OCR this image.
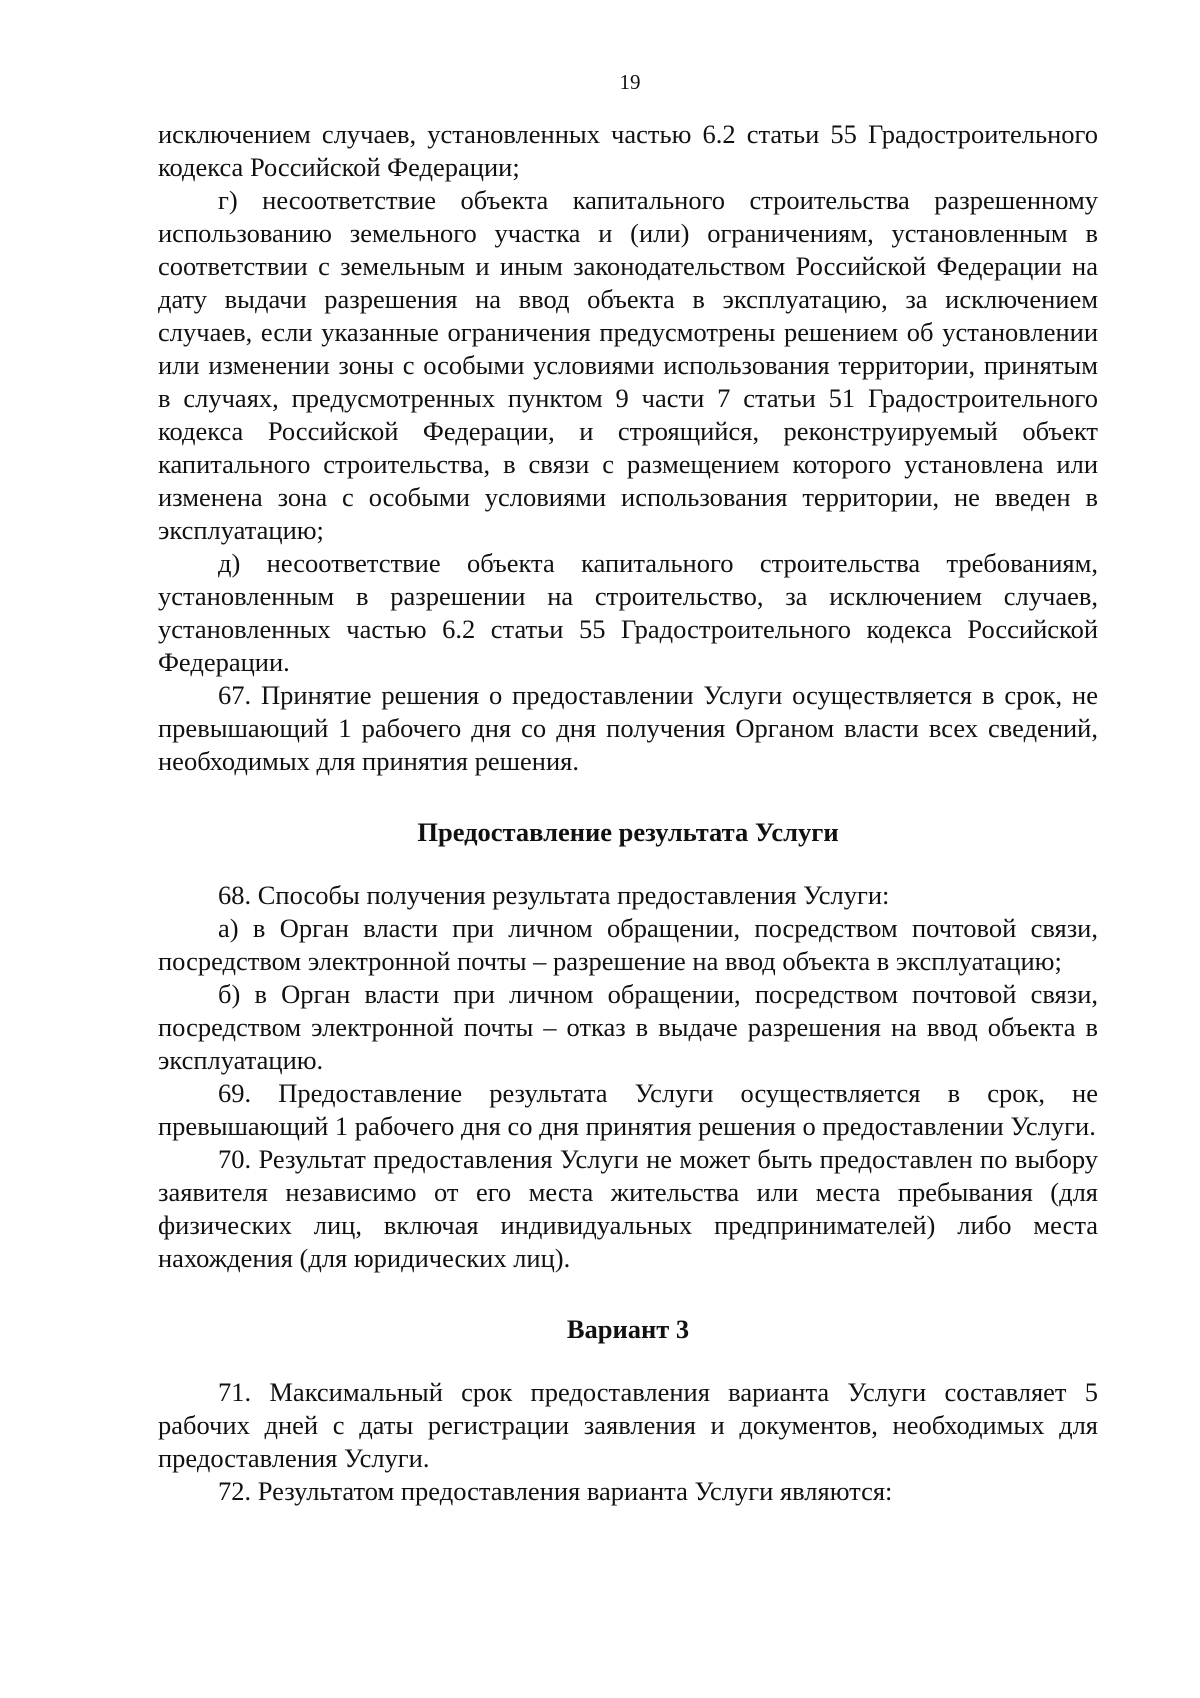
19

исключением случаев, установленных частью 6.2 статьи 55 Градостроительного кодекса Российской Федерации;

г) несоответствие объекта капитального строительства разрешенному использованию земельного участка и (или) ограничениям, установленным в соответствии с земельным и иным законодательством Российской Федерации на дату выдачи разрешения на ввод объекта в эксплуатацию, за исключением случаев, если указанные ограничения предусмотрены решением об установлении или изменении зоны с особыми условиями использования территории, принятым в случаях, предусмотренных пунктом 9 части 7 статьи 51 Градостроительного кодекса Российской Федерации, и строящийся, реконструируемый объект капитального строительства, в связи с размещением которого установлена или изменена зона с особыми условиями использования территории, не введен в эксплуатацию;

д) несоответствие объекта капитального строительства требованиям, установленным в разрешении на строительство, за исключением случаев, установленных частью 6.2 статьи 55 Градостроительного кодекса Российской Федерации.

67. Принятие решения о предоставлении Услуги осуществляется в срок, не превышающий 1 рабочего дня со дня получения Органом власти всех сведений, необходимых для принятия решения.

Предоставление результата Услуги

68. Способы получения результата предоставления Услуги:

а) в Орган власти при личном обращении, посредством почтовой связи, посредством электронной почты – разрешение на ввод объекта в эксплуатацию;

б) в Орган власти при личном обращении, посредством почтовой связи, посредством электронной почты – отказ в выдаче разрешения на ввод объекта в эксплуатацию.

69. Предоставление результата Услуги осуществляется в срок, не превышающий 1 рабочего дня со дня принятия решения о предоставлении Услуги.

70. Результат предоставления Услуги не может быть предоставлен по выбору заявителя независимо от его места жительства или места пребывания (для физических лиц, включая индивидуальных предпринимателей) либо места нахождения (для юридических лиц).

Вариант 3

71. Максимальный срок предоставления варианта Услуги составляет 5 рабочих дней с даты регистрации заявления и документов, необходимых для предоставления Услуги.

72. Результатом предоставления варианта Услуги являются:
